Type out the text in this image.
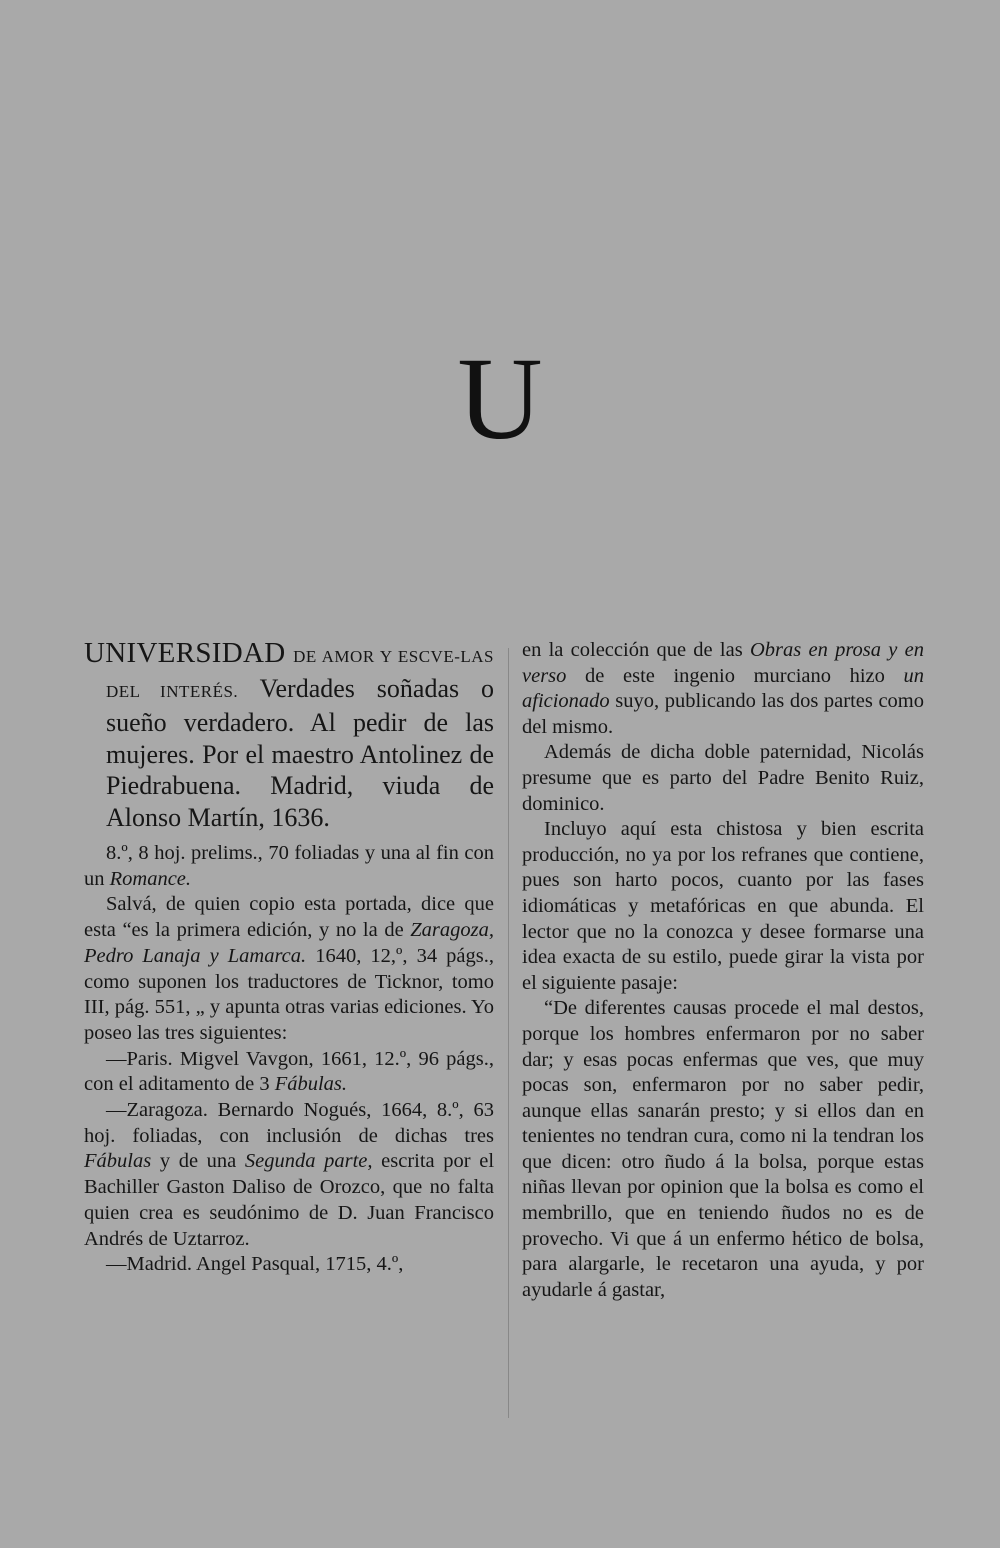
U

UNIVERSIDAD DE AMOR Y ESCVE-LAS DEL INTERÉS. Verdades soñadas o sueño verdadero. Al pedir de las mujeres. Por el maestro Antolinez de Piedrabuena. Madrid, viuda de Alonso Martín, 1636.

8.º, 8 hoj. prelims., 70 foliadas y una al fin con un Romance.

Salvá, de quien copio esta portada, dice que esta “es la primera edición, y no la de Zaragoza, Pedro Lanaja y Lamarca. 1640, 12,º, 34 págs., como suponen los traductores de Ticknor, tomo III, pág. 551, „ y apunta otras varias ediciones. Yo poseo las tres siguientes:

—Paris. Migvel Vavgon, 1661, 12.º, 96 págs., con el aditamento de 3 Fábulas.

—Zaragoza. Bernardo Nogués, 1664, 8.º, 63 hoj. foliadas, con inclusión de dichas tres Fábulas y de una Segunda parte, escrita por el Bachiller Gaston Daliso de Orozco, que no falta quien crea es seudónimo de D. Juan Francisco Andrés de Uztarroz.

—Madrid. Angel Pasqual, 1715, 4.º,

en la colección que de las Obras en prosa y en verso de este ingenio murciano hizo un aficionado suyo, publicando las dos partes como del mismo.

Además de dicha doble paternidad, Nicolás presume que es parto del Padre Benito Ruiz, dominico.

Incluyo aquí esta chistosa y bien escrita producción, no ya por los refranes que contiene, pues son harto pocos, cuanto por las fases idiomáticas y metafóricas en que abunda. El lector que no la conozca y desee formarse una idea exacta de su estilo, puede girar la vista por el siguiente pasaje:

“De diferentes causas procede el mal destos, porque los hombres enfermaron por no saber dar; y esas pocas enfermas que ves, que muy pocas son, enfermaron por no saber pedir, aunque ellas sanarán presto; y si ellos dan en tenientes no tendran cura, como ni la tendran los que dicen: otro ñudo á la bolsa, porque estas niñas llevan por opinion que la bolsa es como el membrillo, que en teniendo ñudos no es de provecho. Vi que á un enfermo hético de bolsa, para alargarle, le recetaron una ayuda, y por ayudarle á gastar,
